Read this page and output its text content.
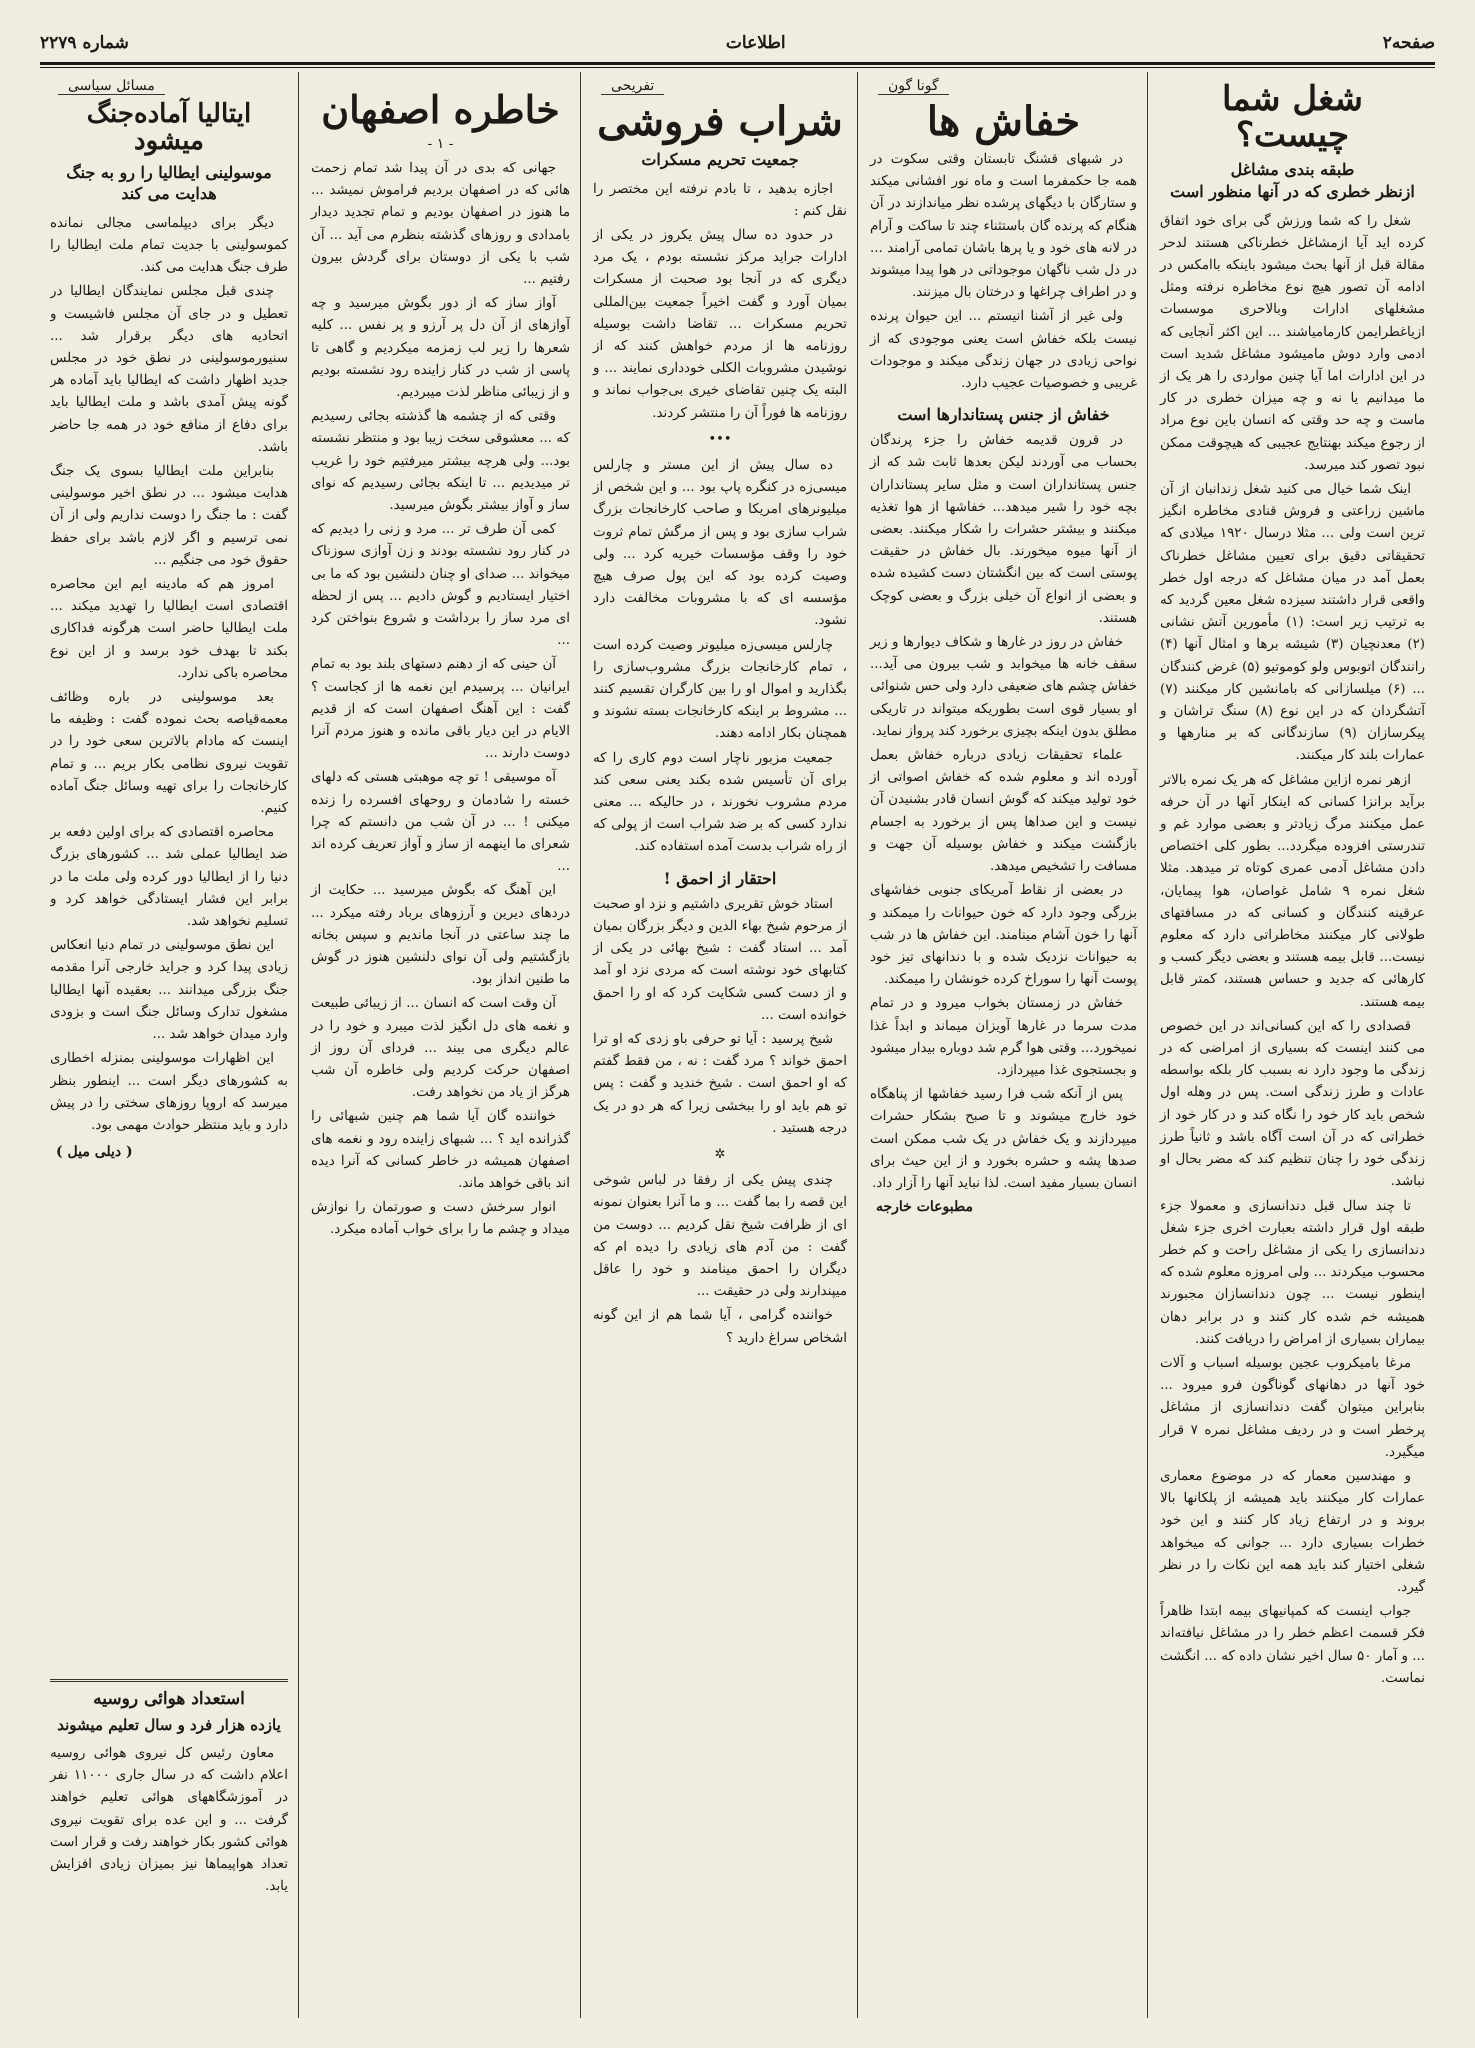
صفحه۲
اطلاعات
شماره ۲۲۷۹
شغل شما چیست؟
طبقه بندی مشاغل
ازنظر خطری که در آنها منظور است

شغل را که شما ورزش گی برای خود اتفاق کرده اید آیا ازمشاغل خطرناکی هستند لدحر مقالة قبل از آنها بحث میشود باینکه باامکس در ادامه آن تصور هیچ نوع مخاطره نرفته ومثل مشغلهای ادارات وبالاحری موسسات ازیاغطرایمن کارمامیاشند ... این اکثر آنجایی که ادمی وارد دوش مامیشود مشاغل شدید است در این ادارات اما آیا چنین مواردی را هر یک از ما میدانیم یا نه و چه میزان خطری در کار ماست و چه حد وقتی که انسان باین نوع مراد از رجوع میکند بهنتایج عجیبی که هیچوقت ممکن نبود تصور کند میرسد.

اینک شما خیال می کنید شغل زندانبان از آن ماشین زراعتی و فروش قنادی مخاطره انگیز ترین است ولی ... مثلا درسال ۱۹۲۰ میلادی که تحقیقاتی دقیق برای تعیین مشاغل خطرناک بعمل آمد در میان مشاغل که درجه اول خطر واقعی قرار داشتند سیزده شغل معین گردید که به ترتیب زیر است: (۱) مأمورین آتش نشانی (۲) معدنچیان (۳) شیشه برها و امثال آنها (۴) رانندگان اتوبوس ولو کوموتیو (۵) غرض کنندگان ... (۶) میلسازانی که بامانشین کار میکنند (۷) آتشگردان که در این نوع (۸) سنگ تراشان و پیکرسازان (۹) سازندگانی که بر منارهها و عمارات بلند کار میکنند.

ازهر نمره ازاین مشاغل که هر یک نمره بالاتر برآید برانزا کسانی که اینکار آنها در آن حرفه عمل میکنند مرگ زیادتر و بعضی موارد غم و تندرستی افزوده میگردد... بطور کلی اختصاص دادن مشاغل آدمی عمری کوتاه تر میدهد. مثلا شغل نمره ۹ شامل غواصان، هوا پیمایان، عرقینه کنندگان و کسانی که در مسافتهای طولانی کار میکنند مخاطراتی دارد که معلوم نیست... قابل بیمه هستند و بعضی دیگر کسب و کارهائی که جدید و حساس هستند، کمتر قابل بیمه هستند.

قصدادی را که این کسانی‌اند در این خصوص می کنند اینست که بسیاری از امراضی که در زندگی ما وجود دارد نه بسبب کار بلکه بواسطه عادات و طرز زندگی است. پس در وهله اول شخص باید کار خود را نگاه کند و در کار خود از خطراتی که در آن است آگاه باشد و ثانیاً طرز زندگی خود را چنان تنظیم کند که مضر بحال او نباشد.

تا چند سال قبل دندانسازی و معمولا جزء طبقه اول قرار داشته بعبارت اخری جزء شغل دندانسازی را یکی از مشاغل راحت و کم خطر محسوب میکردند ... ولی امروزه معلوم شده که اینطور نیست ... چون دندانسازان مجبورند همیشه خم شده کار کنند و در برابر دهان بیماران بسیاری از امراض را دریافت کنند.

مرغا بامیکروب عجین بوسیله اسباب و آلات خود آنها در دهانهای گوناگون فرو میرود ... بنابراین میتوان گفت دندانسازی از مشاغل پرخطر است و در ردیف مشاغل نمره ۷ قرار میگیرد.

و مهندسین معمار که در موضوع معماری عمارات کار میکنند باید همیشه از پلکانها بالا بروند و در ارتفاع زیاد کار کنند و این خود خطرات بسیاری دارد ... جوانی که میخواهد شغلی اختیار کند باید همه این نکات را در نظر گیرد.

جواب اینست که کمپانیهای بیمه ابتدا ظاهراً فکر قسمت اعظم خطر را در مشاغل نیافته‌اند ... و آمار ۵۰ سال اخیر نشان داده که ... انگشت نماست.

گونا گون
خفاش ها

در شبهای قشنگ تابستان وقتی سکوت در همه جا حکمفرما است و ماه نور افشانی میکند و ستارگان با دیگهای پرشده نظر میاندازند در آن هنگام که پرنده گان باستثناء چند تا ساکت و آرام در لانه های خود و یا پرها باشان تمامی آرامند ... در دل شب ناگهان موجوداتی در هوا پیدا میشوند و در اطراف چراغها و درختان بال میزنند.

ولی غیر از آشنا انیستم ... این حیوان پرنده نیست بلکه خفاش است یعنی موجودی که از نواحی زیادی در جهان زندگی میکند و موجودات غریبی و خصوصیات عجیب دارد.

خفاش از جنس پستاندارها است

در قرون قدیمه خفاش را جزء پرندگان بحساب می آوردند لیکن بعدها ثابت شد که از جنس پستانداران است و مثل سایر پستانداران بچه خود را شیر میدهد... خفاشها از هوا تغذیه میکنند و بیشتر حشرات را شکار میکنند. بعضی از آنها میوه میخورند. بال خفاش در حقیقت پوستی است که بین انگشتان دست کشیده شده و بعضی از انواع آن خیلی بزرگ و بعضی کوچک هستند.

خفاش در روز در غارها و شکاف دیوارها و زیر سقف خانه ها میخوابد و شب بیرون می آید... خفاش چشم های ضعیفی دارد ولی حس شنوائی او بسیار قوی است بطوریکه میتواند در تاریکی مطلق بدون اینکه بچیزی برخورد کند پرواز نماید.

علماء تحقیقات زیادی درباره خفاش بعمل آورده اند و معلوم شده که خفاش اصواتی از خود تولید میکند که گوش انسان قادر بشنیدن آن نیست و این صداها پس از برخورد به اجسام بازگشت میکند و خفاش بوسیله آن جهت و مسافت را تشخیص میدهد.

در بعضی از نقاط آمریکای جنوبی خفاشهای بزرگی وجود دارد که خون حیوانات را میمکند و آنها را خون آشام مینامند. این خفاش ها در شب به حیوانات نزدیک شده و با دندانهای تیز خود پوست آنها را سوراخ کرده خونشان را میمکند.

خفاش در زمستان بخواب میرود و در تمام مدت سرما در غارها آویزان میماند و ابداً غذا نمیخورد... وقتی هوا گرم شد دوباره بیدار میشود و بجستجوی غذا میپردازد.

پس از آنکه شب فرا رسید خفاشها از پناهگاه خود خارج میشوند و تا صبح بشکار حشرات میپردازند و یک خفاش در یک شب ممکن است صدها پشه و حشره بخورد و از این حیث برای انسان بسیار مفید است. لذا نباید آنها را آزار داد.

مطبوعات خارجه
تفریحی
شراب فروشی
جمعیت تحریم مسکرات

اجازه بدهید ، تا بادم نرفته این مختصر را نقل کنم :

در حدود ده سال پیش یکروز در یکی از ادارات جراید مرکز نشسته بودم ، یک مرد دیگری که در آنجا بود صحبت از مسکرات بمیان آورد و گفت اخیراً جمعیت بین‌المللی تحریم مسکرات ... تقاضا داشت بوسیله روزنامه ها از مردم خواهش کنند که از نوشیدن مشروبات الکلی خودداری نمایند ... و البته یک چنین تقاضای خیری بی‌جواب نماند و روزنامه ها فوراً آن را منتشر کردند.

•••

ده سال پیش از این مستر و چارلس میسی‌زه در کنگره پاپ بود ... و این شخص از میلیونرهای امریکا و صاحب کارخانجات بزرگ شراب سازی بود و پس از مرگش تمام ثروت خود را وقف مؤسسات خیریه کرد ... ولی وصیت کرده بود که این پول صرف هیچ مؤسسه ای که با مشروبات مخالفت دارد نشود.

چارلس میسی‌زه میلیونر وصیت کرده است ، تمام کارخانجات بزرگ مشروب‌سازی را بگذارید و اموال او را بین کارگران تقسیم کنند ... مشروط بر اینکه کارخانجات بسته نشوند و همچنان بکار ادامه دهند.

جمعیت مزبور ناچار است دوم کاری را که برای آن تأسیس شده بکند یعنی سعی کند مردم مشروب نخورند ، در حالیکه ... معنی ندارد کسی که بر ضد شراب است از پولی که از راه شراب بدست آمده استفاده کند.

احتقار از احمق !

استاد خوش تقریری داشتیم و نزد او صحبت از مرحوم شیخ بهاء الدین و دیگر بزرگان بمیان آمد ... استاد گفت : شیخ بهائی در یکی از کتابهای خود نوشته است که مردی نزد او آمد و از دست کسی شکایت کرد که او را احمق خوانده است ...

شیخ پرسید : آیا تو حرفی باو زدی که او ترا احمق خواند ؟ مرد گفت : نه ، من فقط گفتم که او احمق است . شیخ خندید و گفت : پس تو هم باید او را ببخشی زیرا که هر دو در یک درجه هستید .

✲

چندی پیش یکی از رفقا در لباس شوخی این قصه را بما گفت ... و ما آنرا بعنوان نمونه ای از ظرافت شیخ نقل کردیم ... دوست من گفت : من آدم های زیادی را دیده ام که دیگران را احمق مینامند و خود را عاقل میپندارند ولی در حقیقت ...

خواننده گرامی ، آیا شما هم از این گونه اشخاص سراغ دارید ؟

خاطره اصفهان
- ۱ -

جهانی که بدی در آن پیدا شد تمام زحمت هائی که در اصفهان بردیم فراموش نمیشد ... ما هنوز در اصفهان بودیم و تمام تجدید دیدار بامدادی و روزهای گذشته بنظرم می آید ... آن شب با یکی از دوستان برای گردش بیرون رفتیم ...

آواز ساز که از دور بگوش میرسید و چه آوازهای از آن دل پر آرزو و پر نفس ... کلیه شعرها را زیر لب زمزمه میکردیم و گاهی تا پاسی از شب در کنار زاینده رود نشسته بودیم و از زیبائی مناظر لذت میبردیم.

وقتی که از چشمه ها گذشته بجائی رسیدیم که ... معشوقی سخت زیبا بود و منتظر نشسته بود... ولی هرچه بیشتر میرفتیم خود را غریب تر میدیدیم ... تا اینکه بجائی رسیدیم که نوای ساز و آواز بیشتر بگوش میرسید.

کمی آن طرف تر ... مرد و زنی را دیدیم که در کنار رود نشسته بودند و زن آوازی سوزناک میخواند ... صدای او چنان دلنشین بود که ما بی اختیار ایستادیم و گوش دادیم ... پس از لحظه ای مرد ساز را برداشت و شروع بنواختن کرد ...

آن حینی که از دهنم دستهای بلند بود به تمام ایرانیان ... پرسیدم این نغمه ها از کجاست ؟ گفت : این آهنگ اصفهان است که از قدیم الایام در این دیار باقی مانده و هنوز مردم آنرا دوست دارند ...

آه موسیقی ! تو چه موهبتی هستی که دلهای خسته را شادمان و روحهای افسرده را زنده میکنی ! ... در آن شب من دانستم که چرا شعرای ما اینهمه از ساز و آواز تعریف کرده اند ...

این آهنگ که بگوش میرسید ... حکایت از دردهای دیرین و آرزوهای برباد رفته میکرد ... ما چند ساعتی در آنجا ماندیم و سپس بخانه بازگشتیم ولی آن نوای دلنشین هنوز در گوش ما طنین انداز بود.

آن وقت است که انسان ... از زیبائی طبیعت و نغمه های دل انگیز لذت میبرد و خود را در عالم دیگری می بیند ... فردای آن روز از اصفهان حرکت کردیم ولی خاطره آن شب هرگز از یاد من نخواهد رفت.

خواننده گان آیا شما هم چنین شبهائی را گذرانده اید ؟ ... شبهای زاینده رود و نغمه های اصفهان همیشه در خاطر کسانی که آنرا دیده اند باقی خواهد ماند.

انوار سرخش دست و صورتمان را نوازش میداد و چشم ما را برای خواب آماده میکرد.

مسائل سیاسی
ایتالیا آماده‌جنگ میشود
موسولینی ایطالیا را رو به جنگ هدایت می کند

دیگر برای دیپلماسی مجالی نمانده کموسولینی با جدیت تمام ملت ایطالیا را طرف جنگ هدایت می کند.

چندی قبل مجلس نمایندگان ایطالیا در تعطیل و در جای آن مجلس فاشیست و اتحادیه های دیگر برقرار شد ... سنیورموسولینی در نطق خود در مجلس جدید اظهار داشت که ایطالیا باید آماده هر گونه پیش آمدی باشد و ملت ایطالیا باید برای دفاع از منافع خود در همه جا حاضر باشد.

بنابراین ملت ایطالیا بسوی یک جنگ هدایت میشود ... در نطق اخیر موسولینی گفت : ما جنگ را دوست نداریم ولی از آن نمی ترسیم و اگر لازم باشد برای حفظ حقوق خود می جنگیم ...

امروز هم که مادینه ایم این محاصره اقتصادی است ایطالیا را تهدید میکند ... ملت ایطالیا حاضر است هرگونه فداکاری بکند تا بهدف خود برسد و از این نوع محاصره باکی ندارد.

بعد موسولینی در باره وظائف معمه‌قیاصه بحث نموده گفت : وظیفه ما اینست که مادام بالاترین سعی خود را در تقویت نیروی نظامی بکار بریم ... و تمام کارخانجات را برای تهیه وسائل جنگ آماده کنیم.

محاصره اقتصادی که برای اولین دفعه بر ضد ایطالیا عملی شد ... کشورهای بزرگ دنیا را از ایطالیا دور کرده ولی ملت ما در برابر این فشار ایستادگی خواهد کرد و تسلیم نخواهد شد.

این نطق موسولینی در تمام دنیا انعکاس زیادی پیدا کرد و جراید خارجی آنرا مقدمه جنگ بزرگی میدانند ... بعقیده آنها ایطالیا مشغول تدارک وسائل جنگ است و بزودی وارد میدان خواهد شد ...

این اظهارات موسولینی بمنزله اخطاری به کشورهای دیگر است ... اینطور بنظر میرسد که اروپا روزهای سختی را در پیش دارد و باید منتظر حوادث مهمی بود.

( دیلی میل )
استعداد هوائی روسیه
یازده هزار فرد و سال تعلیم میشوند

معاون رئیس کل نیروی هوائی روسیه اعلام داشت که در سال جاری ۱۱۰۰۰ نفر در آموزشگاههای هوائی تعلیم خواهند گرفت ... و این عده برای تقویت نیروی هوائی کشور بکار خواهند رفت و قرار است تعداد هواپیماها نیز بمیزان زیادی افزایش یابد.
